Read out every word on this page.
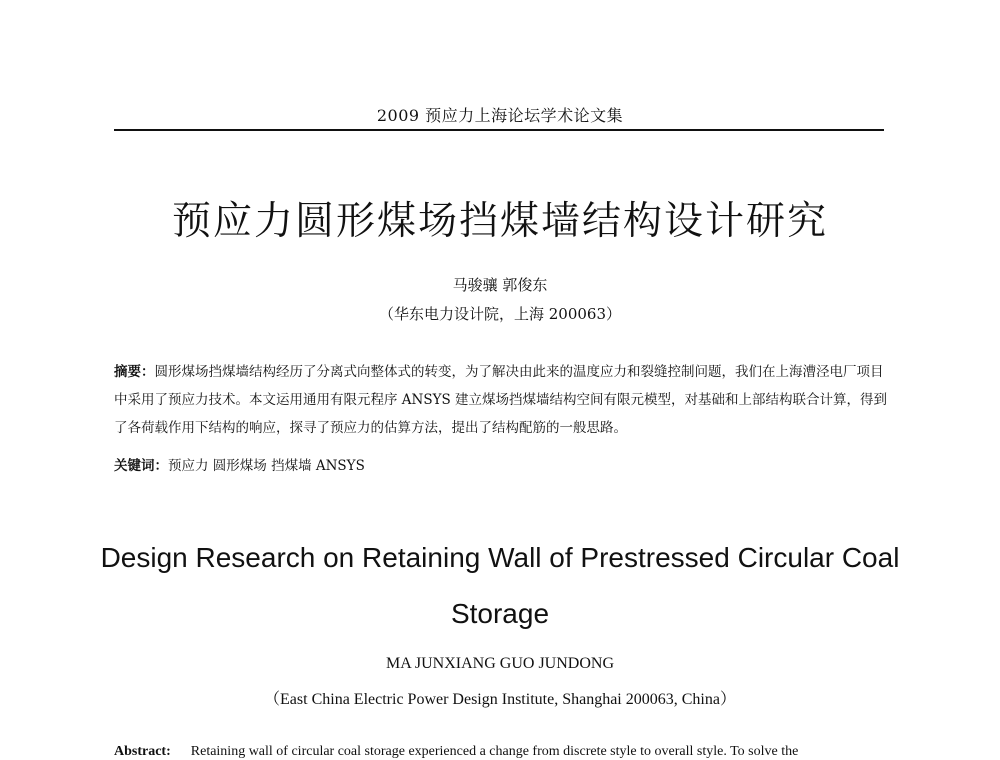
2009 预应力上海论坛学术论文集
预应力圆形煤场挡煤墙结构设计研究
马骏骧 郭俊东
（华东电力设计院，上海 200063）
摘要：圆形煤场挡煤墙结构经历了分离式向整体式的转变，为了解决由此来的温度应力和裂缝控制问题，我们在上海漕泾电厂项目中采用了预应力技术。本文运用通用有限元程序 ANSYS 建立煤场挡煤墙结构空间有限元模型，对基础和上部结构联合计算，得到了各荷载作用下结构的响应，探寻了预应力的估算方法，提出了结构配筋的一般思路。
关键词：预应力 圆形煤场 挡煤墙 ANSYS
Design Research on Retaining Wall of Prestressed Circular Coal Storage
MA JUNXIANG GUO JUNDONG
（East China Electric Power Design Institute, Shanghai 200063, China）
Abstract: Retaining wall of circular coal storage experienced a change from discrete style to overall style. To solve the
